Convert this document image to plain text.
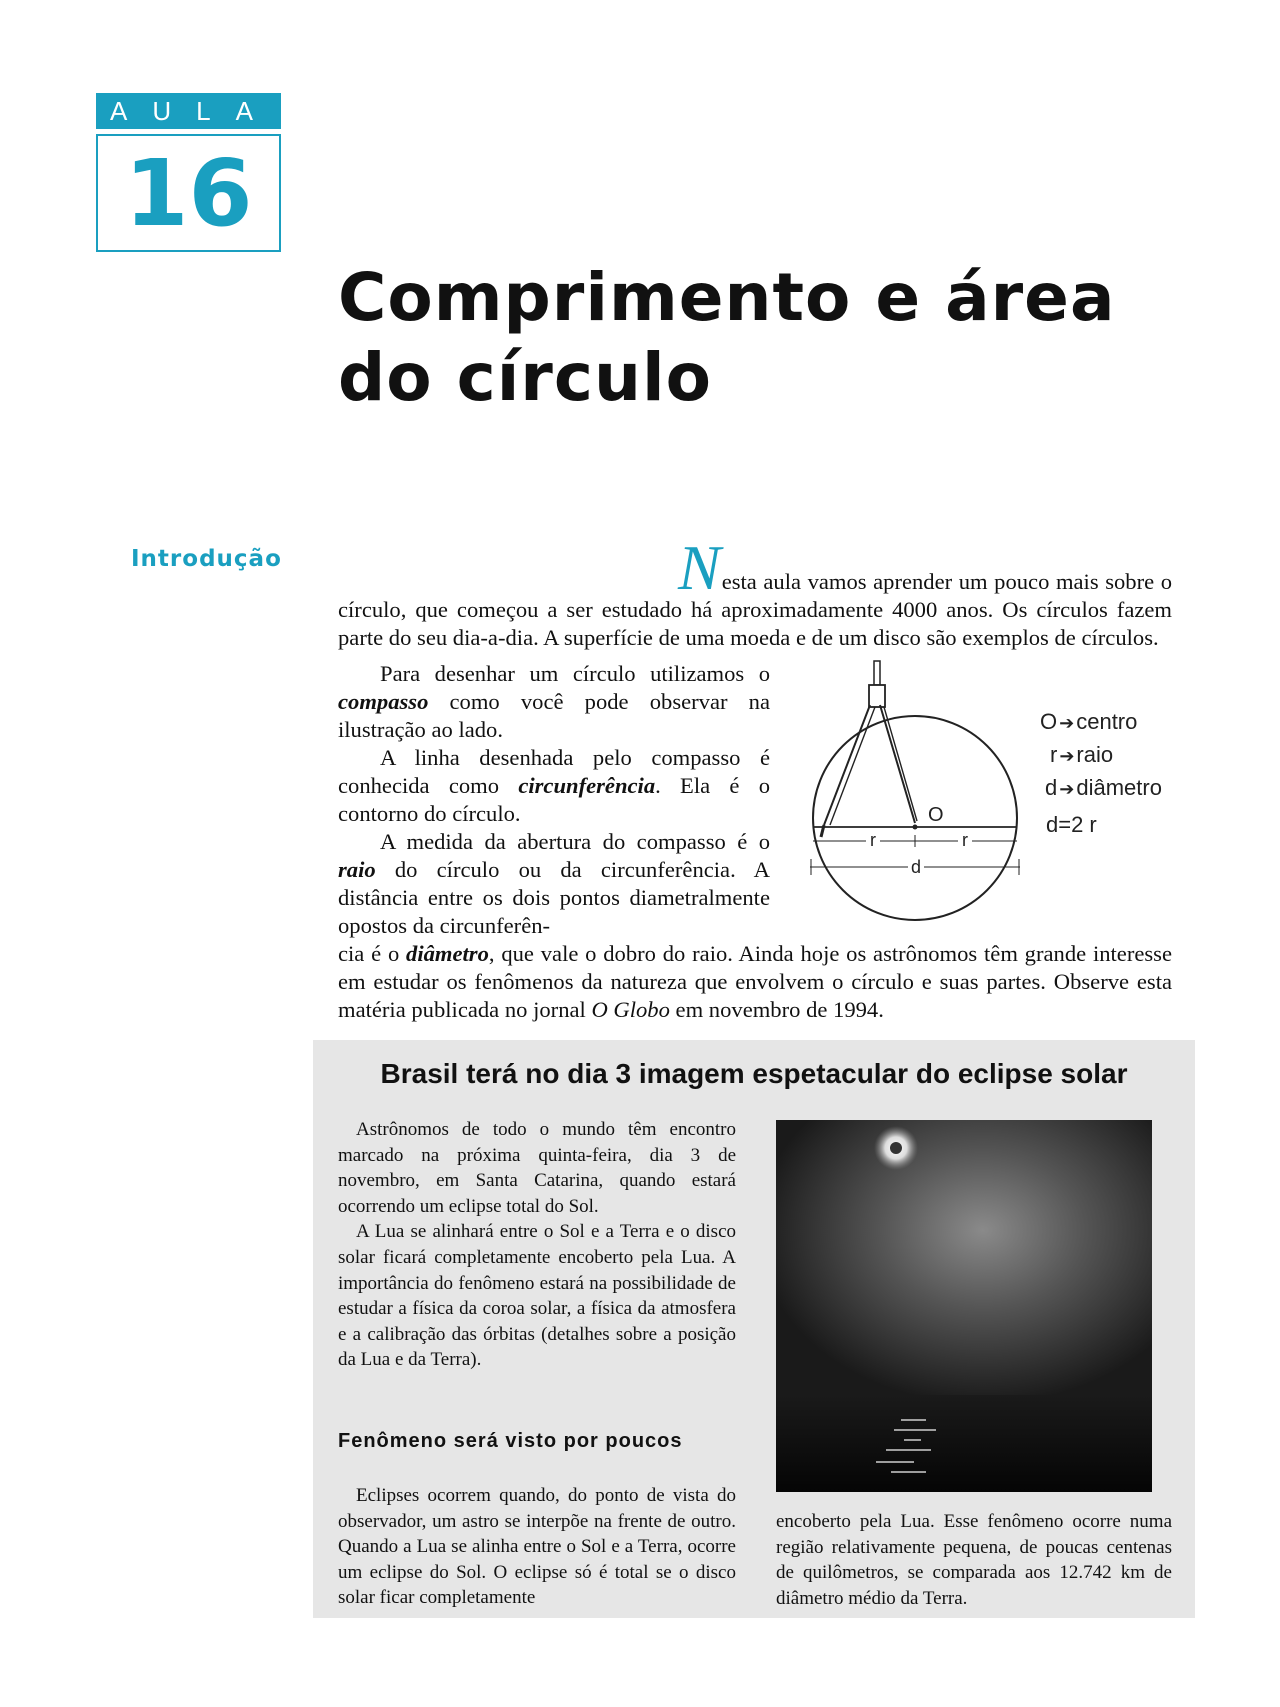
AULA
16
Comprimento e área
do círculo
Introdução	Nesta aula vamos aprender um pouco mais sobre o círculo, que começou a ser estudado há aproximadamente 4000 anos. Os círculos fazem parte do seu dia-a-dia. A superfície de uma moeda e de um disco são exemplos de círculos.

Para desenhar um círculo utilizamos o compasso como você pode observar na ilustração ao lado.

A linha desenhada pelo compasso é conhecida como circunferência. Ela é o contorno do círculo.

A medida da abertura do compasso é o raio do círculo ou da circunferência. A distância entre os dois pontos diametralmente opostos da circunferên-

cia é o diâmetro, que vale o dobro do raio. Ainda hoje os astrônomos têm grande interesse em estudar os fenômenos da natureza que envolvem o círculo e suas partes. Observe esta matéria publicada no jornal O Globo em novembro de 1994.

d
O
r	r
O ➔centro
r ➔raio
d ➔diâmetro
d=2 r
Brasil terá no dia 3 imagem espetacular do eclipse solar

Astrônomos de todo o mundo têm encontro marcado na próxima quinta-feira, dia 3 de novembro, em Santa Catarina, quando estará ocorrendo um eclipse total do Sol.

A Lua se alinhará entre o Sol e a Terra e o disco solar ficará completamente encoberto pela Lua. A importância do fenômeno estará na possibilidade de estudar a física da coroa solar, a física da atmosfera e a calibração das órbitas (detalhes sobre a posição da Lua e da Terra).

Fenômeno será visto por poucos

Eclipses ocorrem quando, do ponto de vista do observador, um astro se interpõe na frente de outro. Quando a Lua se alinha entre o Sol e a Terra, ocorre um eclipse do Sol. O eclipse só é total se o disco solar ficar completamente

encoberto pela Lua. Esse fenômeno ocorre numa região relativamente pequena, de poucas centenas de quilômetros, se comparada aos 12.742 km de diâmetro médio da Terra.
